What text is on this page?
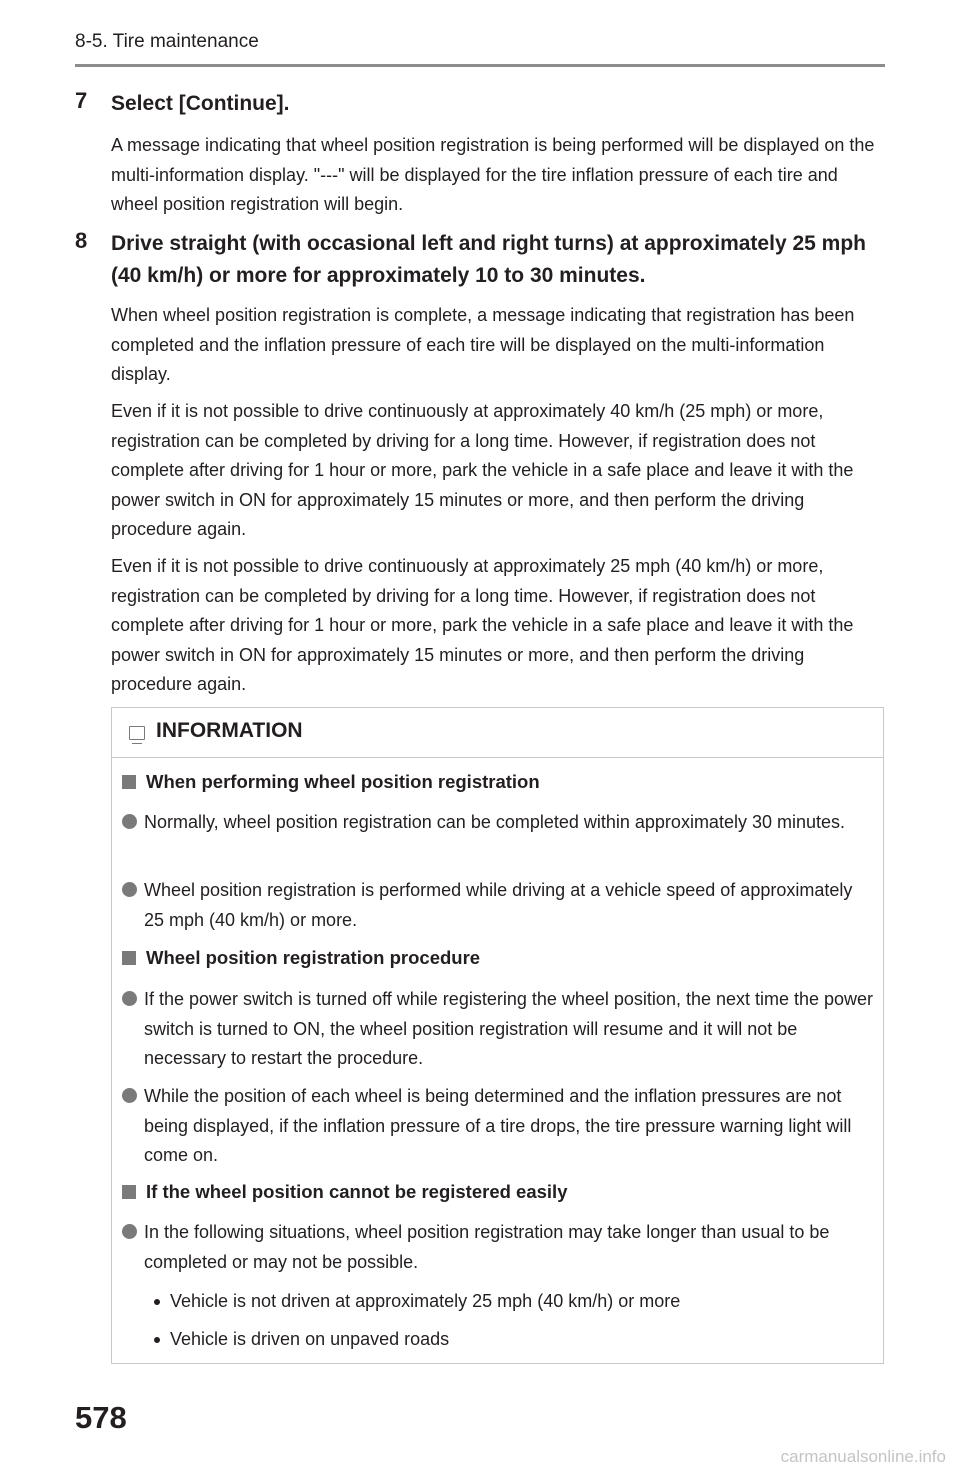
8-5. Tire maintenance
7 Select [Continue].
A message indicating that wheel position registration is being performed will be displayed on the multi-information display. "---" will be displayed for the tire inflation pressure of each tire and wheel position registration will begin.
8 Drive straight (with occasional left and right turns) at approximately 25 mph (40 km/h) or more for approximately 10 to 30 minutes.
When wheel position registration is complete, a message indicating that registration has been completed and the inflation pressure of each tire will be displayed on the multi-information display.
Even if it is not possible to drive continuously at approximately 40 km/h (25 mph) or more, registration can be completed by driving for a long time. However, if registration does not complete after driving for 1 hour or more, park the vehicle in a safe place and leave it with the power switch in ON for approximately 15 minutes or more, and then perform the driving procedure again.
Even if it is not possible to drive continuously at approximately 25 mph (40 km/h) or more, registration can be completed by driving for a long time. However, if registration does not complete after driving for 1 hour or more, park the vehicle in a safe place and leave it with the power switch in ON for approximately 15 minutes or more, and then perform the driving procedure again.
INFORMATION
When performing wheel position registration
Normally, wheel position registration can be completed within approximately 30 minutes.
Wheel position registration is performed while driving at a vehicle speed of approximately 25 mph (40 km/h) or more.
Wheel position registration procedure
If the power switch is turned off while registering the wheel position, the next time the power switch is turned to ON, the wheel position registration will resume and it will not be necessary to restart the procedure.
While the position of each wheel is being determined and the inflation pressures are not being displayed, if the inflation pressure of a tire drops, the tire pressure warning light will come on.
If the wheel position cannot be registered easily
In the following situations, wheel position registration may take longer than usual to be completed or may not be possible.
Vehicle is not driven at approximately 25 mph (40 km/h) or more
Vehicle is driven on unpaved roads
578
carmanualsonline.info
